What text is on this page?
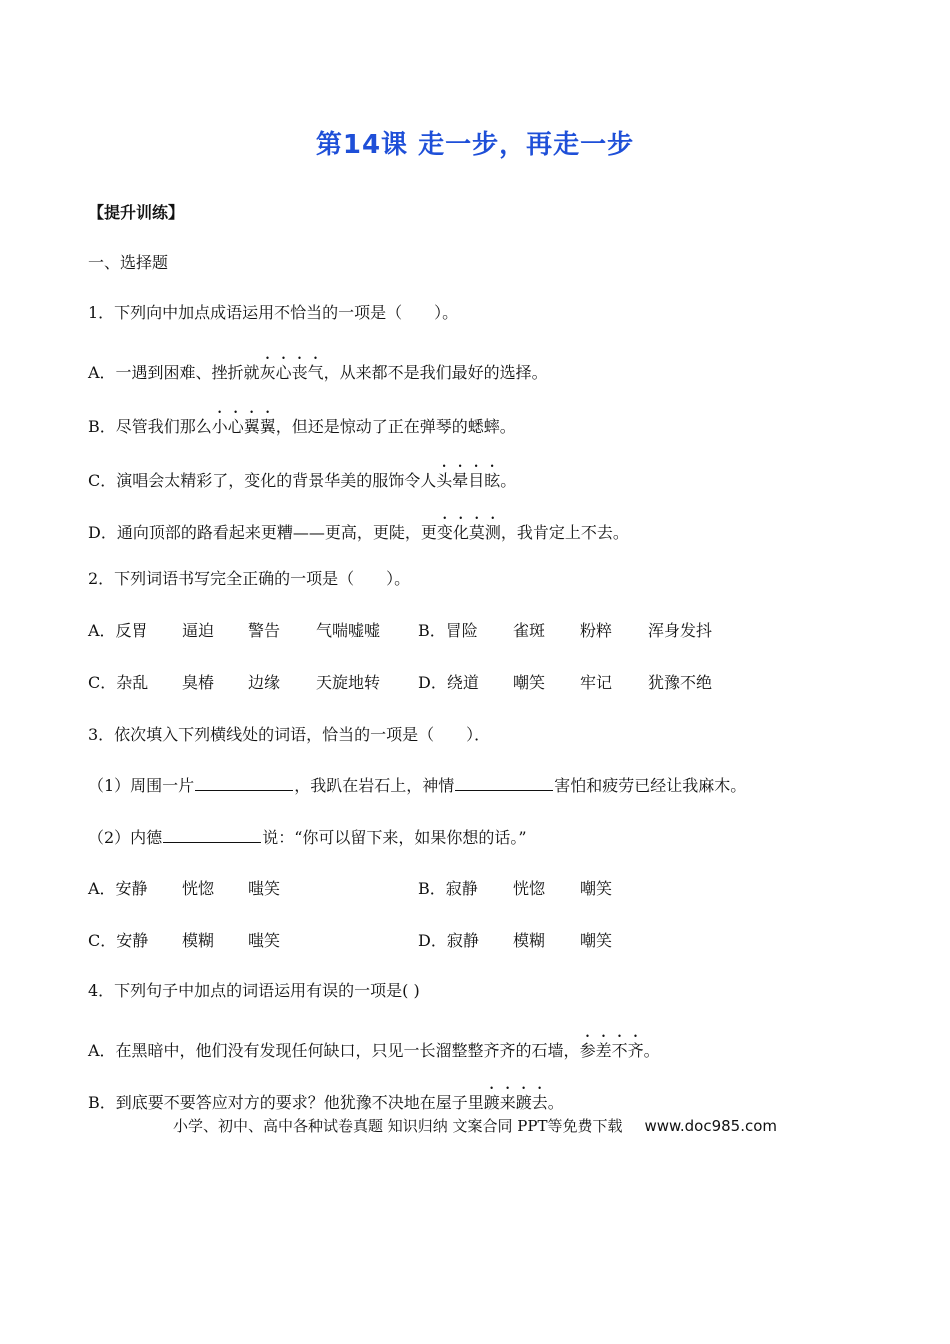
第14课 走一步，再走一步
【提升训练】
一、选择题
1．下列向中加点成语运用不恰当的一项是（　　）。
A．一遇到困难、挫折就灰心丧气，从来都不是我们最好的选择。
B．尽管我们那么小心翼翼，但还是惊动了正在弹琴的蟋蟀。
C．演唱会太精彩了，变化的背景华美的服饰令人头晕目眩。
D．通向顶部的路看起来更糟——更高，更陡，更变化莫测，我肯定上不去。
2．下列词语书写完全正确的一项是（　　）。
A．反胃 逼迫 警告 气喘嘘嘘 B．冒险 雀斑 粉粹 浑身发抖
C．杂乱 臭椿 边缘 天旋地转 D．绕道 嘲笑 牢记 犹豫不绝
3．依次填入下列横线处的词语，恰当的一项是（　　）．
（1）周围一片	，我趴在岩石上，神情	害怕和疲劳已经让我麻木。
（2）内德	说：“你可以留下来，如果你想的话。”
A．安静 恍惚 嗤笑	B．寂静 恍惚 嘲笑
C．安静 模糊 嗤笑	D．寂静 模糊 嘲笑
4．下列句子中加点的词语运用有误的一项是( )
A．在黑暗中，他们没有发现任何缺口，只见一长溜整整齐齐的石墙，参差不齐。
B．到底要不要答应对方的要求？他犹豫不决地在屋子里踱来踱去。
小学、初中、高中各种试卷真题 知识归纳 文案合同 PPT等免费下载 www.doc985.com
